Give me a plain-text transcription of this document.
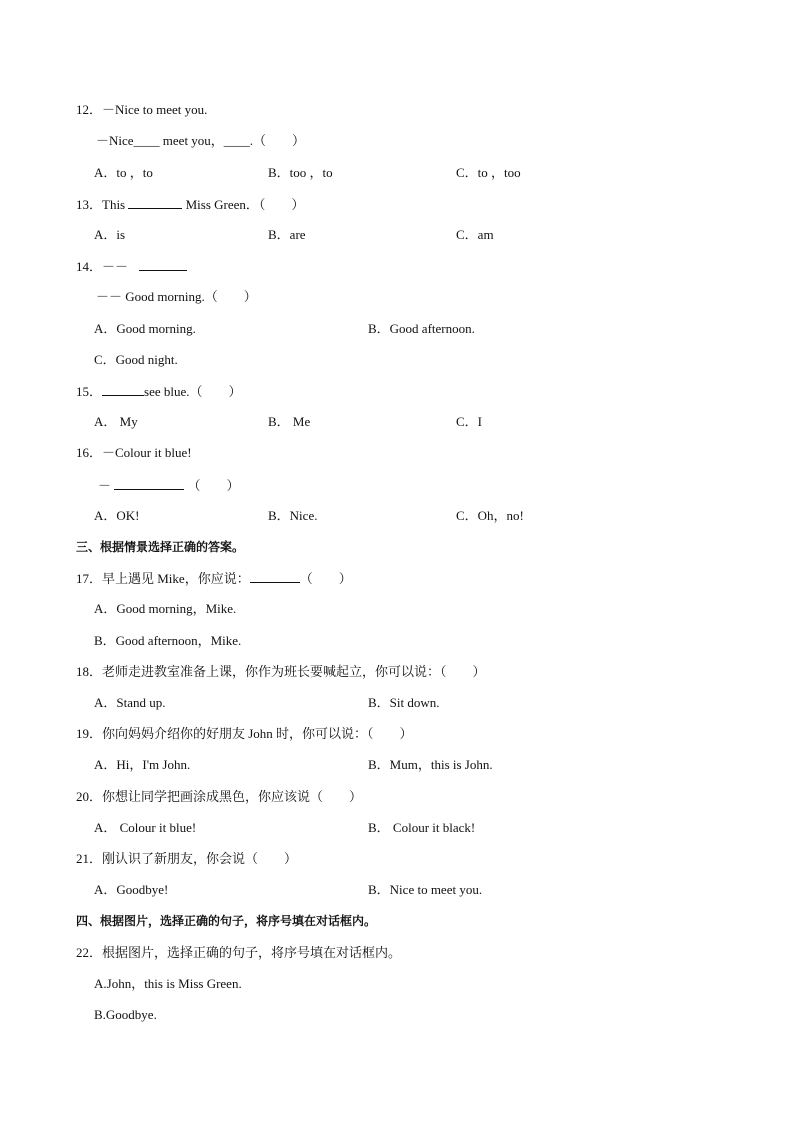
12．－Nice to meet you.
－Nice____ meet you，____.（　　）
A．to ，to	B．too ，to	C．to ，too
13．This	Miss Green．（　　）
A．is	B．are	C．am
14．－－
－－ Good morning.（　　）
A．Good morning.	B．Good afternoon.
C．Good night.
15．	see blue.（　　）
A． My	B． Me	C．I
16．－Colour it blue!
－	（　　）
A．OK!	B．Nice.	C．Oh，no!
三、根据情景选择正确的答案。
17．早上遇见 Mike，你应说：	（　　）
A．Good morning，Mike.
B．Good afternoon，Mike.
18．老师走进教室准备上课，你作为班长要喊起立，你可以说：（　　）
A．Stand up.	B．Sit down.
19．你向妈妈介绍你的好朋友 John 时，你可以说：（　　）
A．Hi，I'm John.	B．Mum，this is John.
20．你想让同学把画涂成黑色，你应该说（　　）
A． Colour it blue!	B． Colour it black!
21．刚认识了新朋友，你会说（　　）
A．Goodbye!	B．Nice to meet you.
四、根据图片，选择正确的句子，将序号填在对话框内。
22．根据图片，选择正确的句子，将序号填在对话框内。
A.John，this is Miss Green.
B.Goodbye.
